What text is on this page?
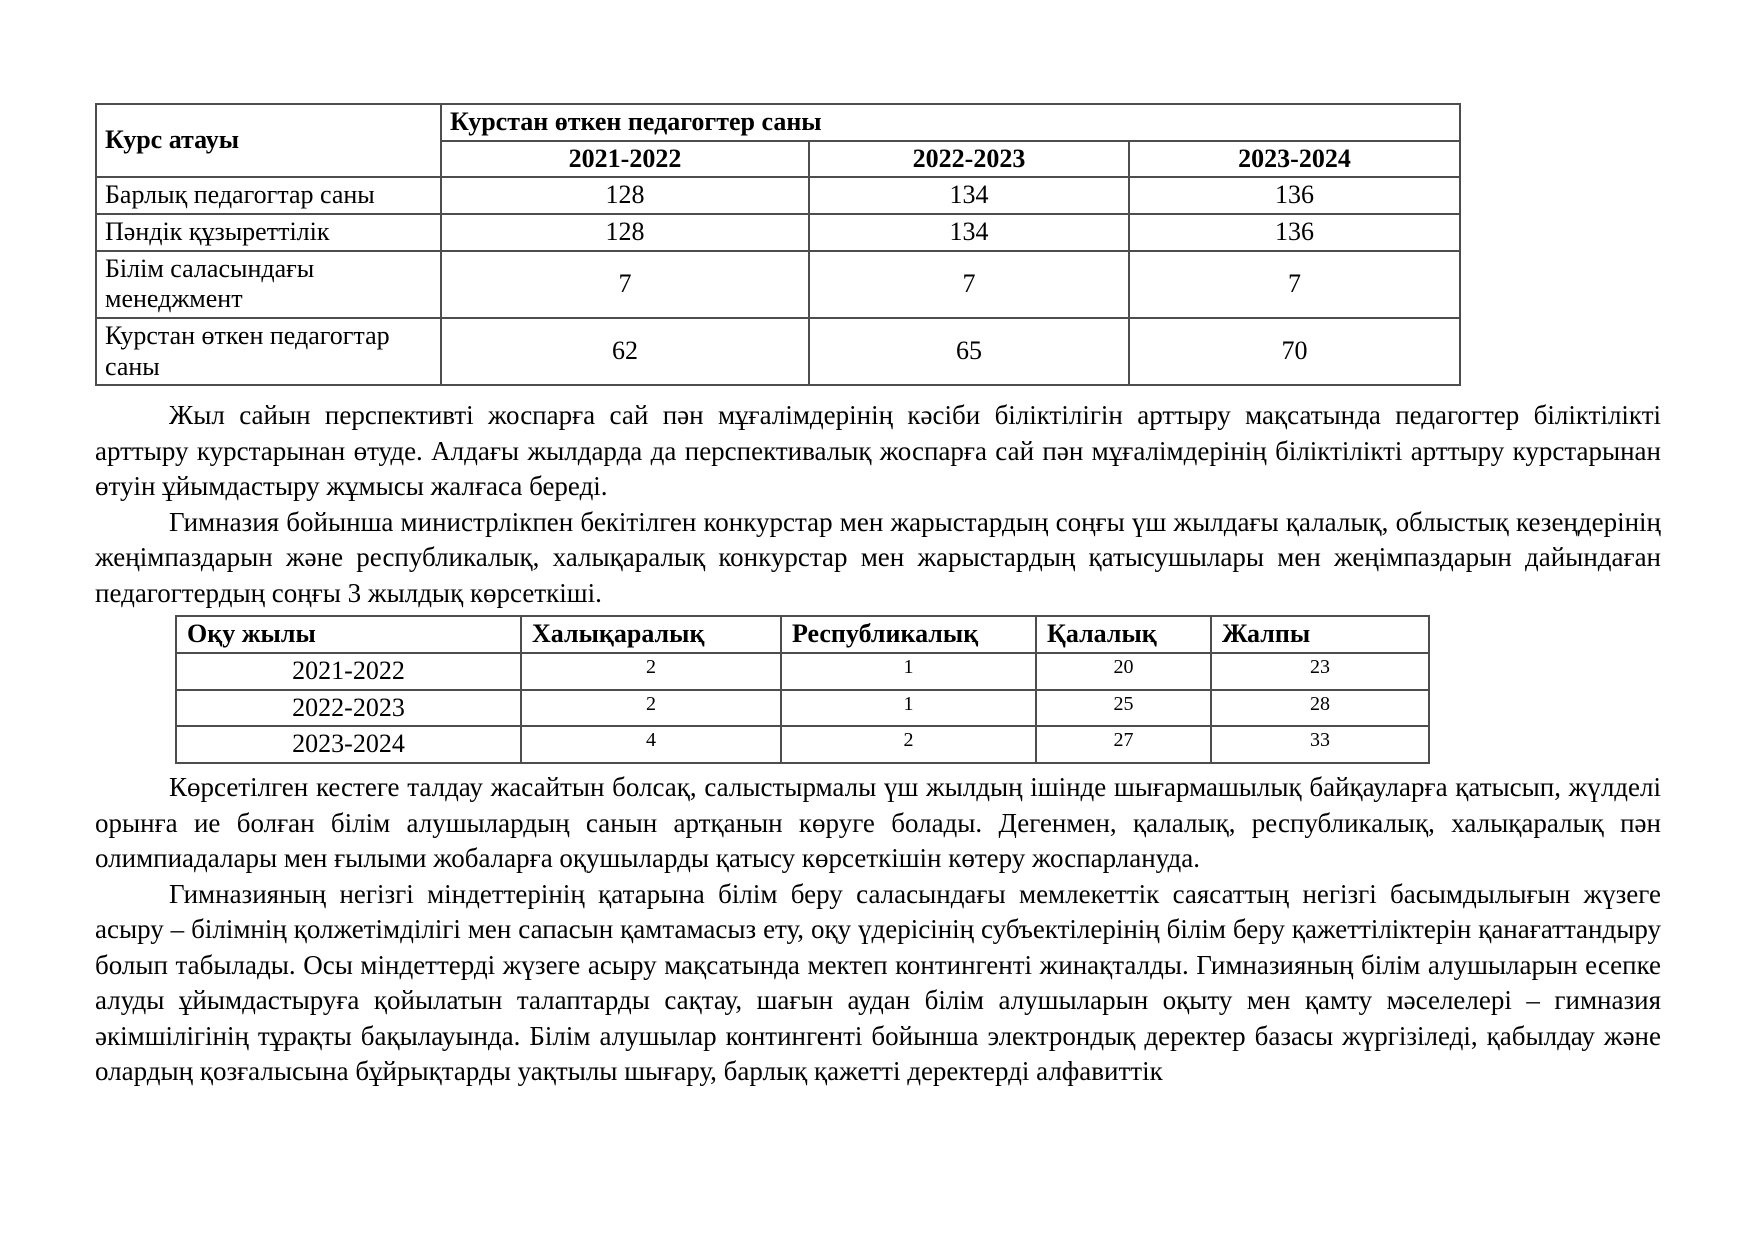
Курс атауы	Курстан өткен педагогтер саны		
	2021-2022	2022-2023	2023-2024
Барлық педагогтар саны	128	134	136
Пәндік құзыреттілік	128	134	136
Білім саласындағы менеджмент	7	7	7
Курстан өткен педагогтар саны	62	65	70

Жыл сайын перспективті жоспарға сай пән мұғалімдерінің кәсіби біліктілігін арттыру мақсатында педагогтер біліктілікті арттыру курстарынан өтуде. Алдағы жылдарда да перспективалық жоспарға сай пән мұғалімдерінің біліктілікті арттыру курстарынан өтуін ұйымдастыру жұмысы жалғаса береді.

Гимназия бойынша министрлікпен бекітілген конкурстар мен жарыстардың соңғы үш жылдағы қалалық, облыстық кезеңдерінің жеңімпаздарын және республикалық, халықаралық конкурстар мен жарыстардың қатысушылары мен жеңімпаздарын дайындаған педагогтердың соңғы 3 жылдық көрсеткіші.

Оқу жылы	Халықаралық	Республикалық	Қалалық	Жалпы
2021-2022	2	1	20	23
2022-2023	2	1	25	28
2023-2024	4	2	27	33

Көрсетілген кестеге талдау жасайтын болсақ, салыстырмалы үш жылдың ішінде шығармашылық байқауларға қатысып, жүлделі орынға ие болған білім алушылардың санын артқанын көруге болады. Дегенмен, қалалық, республикалық, халықаралық пән олимпиадалары мен ғылыми жобаларға оқушыларды қатысу көрсеткішін көтеру жоспарлануда.

Гимназияның негізгі міндеттерінің қатарына білім беру саласындағы мемлекеттік саясаттың негізгі басымдылығын жүзеге асыру – білімнің қолжетімділігі мен сапасын қамтамасыз ету, оқу үдерісінің субъектілерінің білім беру қажеттіліктерін қанағаттандыру болып табылады. Осы міндеттерді жүзеге асыру мақсатында мектеп контингенті жинақталды. Гимназияның білім алушыларын есепке алуды ұйымдастыруға қойылатын талаптарды сақтау, шағын аудан білім алушыларын оқыту мен қамту мәселелері – гимназия әкімшілігінің тұрақты бақылауында. Білім алушылар контингенті бойынша электрондық деректер базасы жүргізіледі, қабылдау және олардың қозғалысына бұйрықтарды уақтылы шығару, барлық қажетті деректерді алфавиттік
